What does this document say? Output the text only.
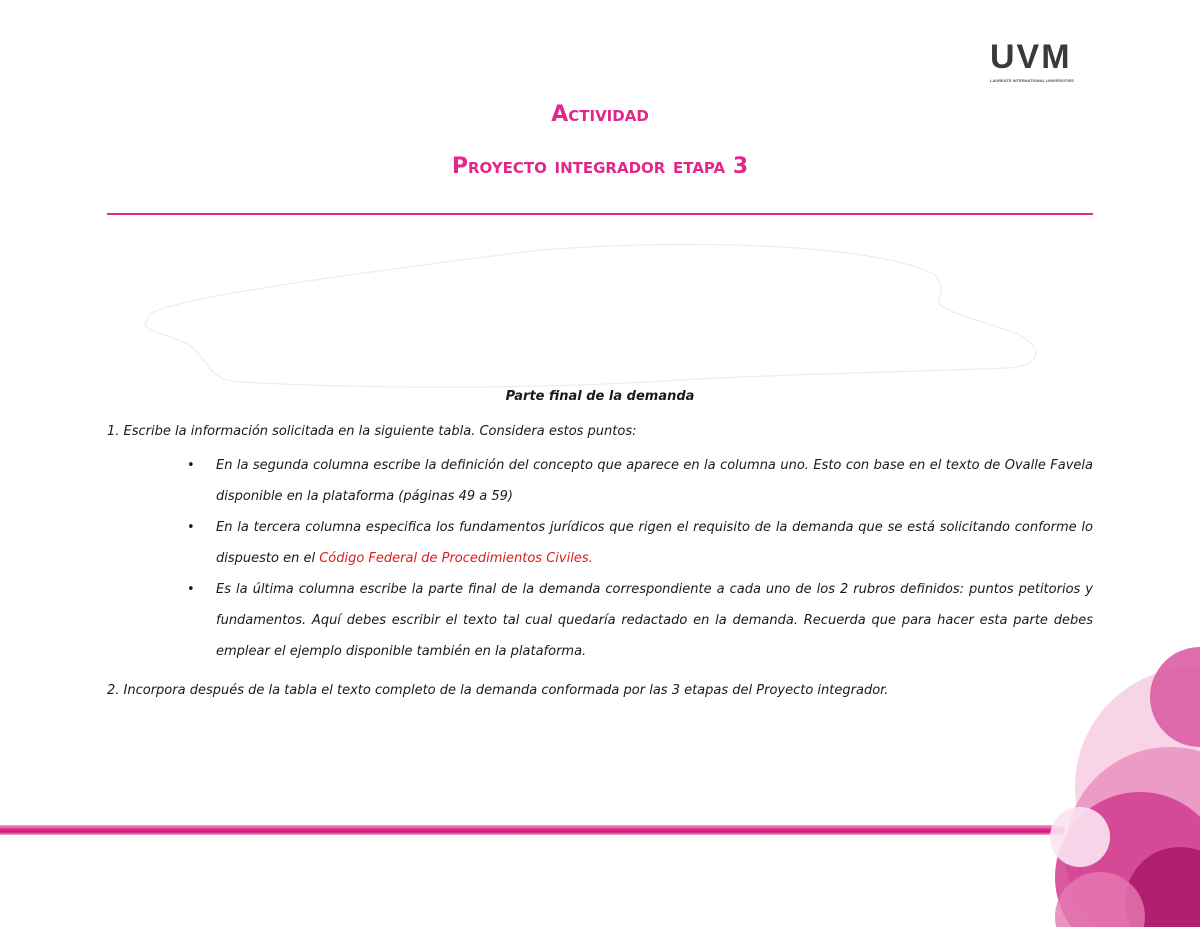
UVM
LAUREATE INTERNATIONAL UNIVERSITIES
Actividad
Proyecto integrador etapa 3
Parte final de la demanda
1. Escribe la información solicitada en la siguiente tabla. Considera estos puntos:
• En la segunda columna escribe la definición del concepto que aparece en la columna uno. Esto con base en el texto de Ovalle Favela disponible en la plataforma (páginas 49 a 59)
• En la tercera columna especifica los fundamentos jurídicos que rigen el requisito de la demanda que se está solicitando conforme lo dispuesto en el Código Federal de Procedimientos Civiles.
• Es la última columna escribe la parte final de la demanda correspondiente a cada uno de los 2 rubros definidos: puntos petitorios y fundamentos. Aquí debes escribir el texto tal cual quedaría redactado en la demanda. Recuerda que para hacer esta parte debes emplear el ejemplo disponible también en la plataforma.
2. Incorpora después de la tabla el texto completo de la demanda conformada por las 3 etapas del Proyecto integrador.
